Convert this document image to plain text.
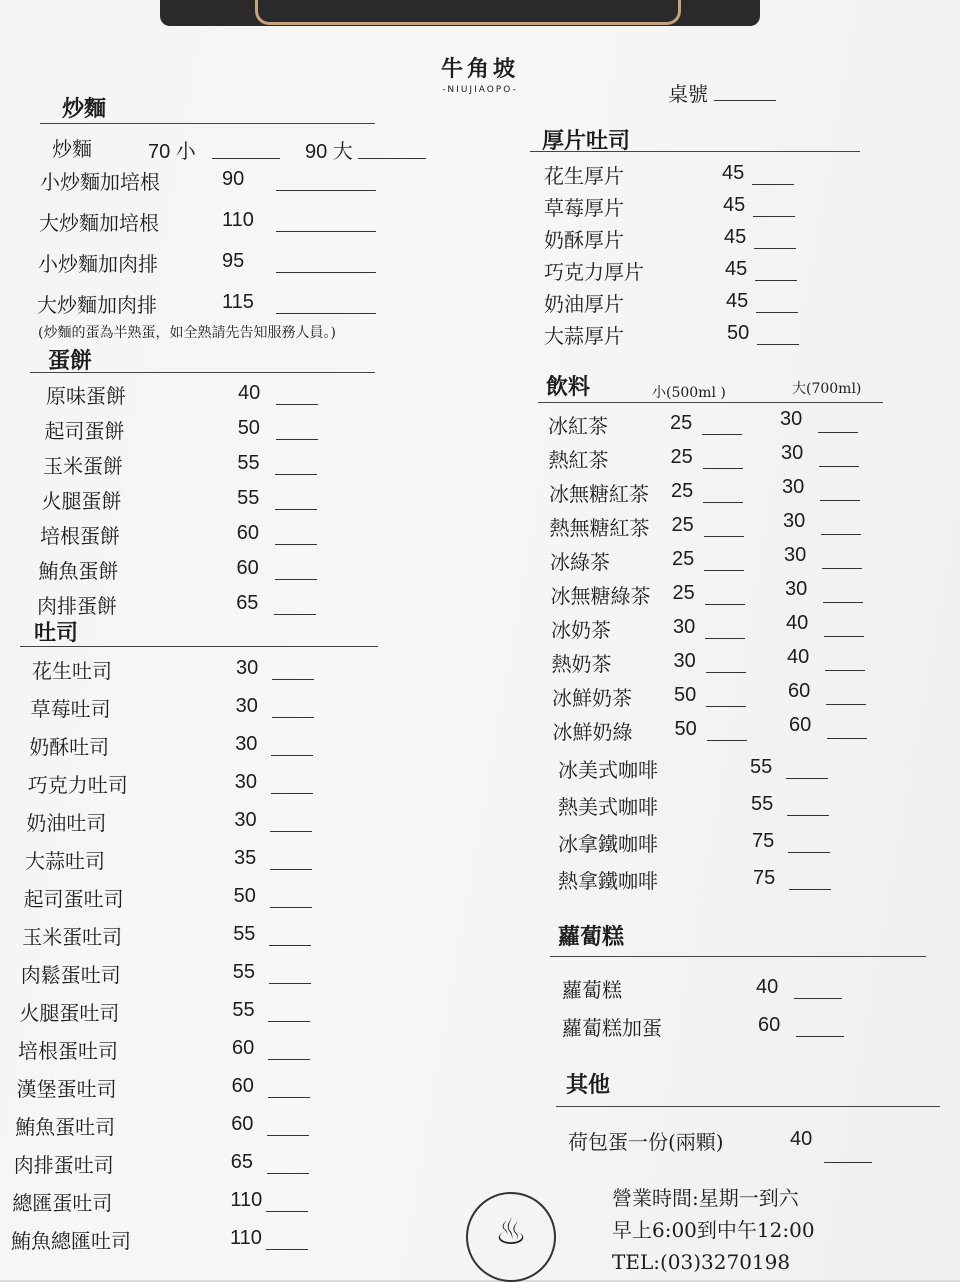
牛角坡
-NIUJIAOPO-	桌號
炒麵
炒麵	70 小	90 大
小炒麵加培根	90
大炒麵加培根	110
小炒麵加肉排	95
大炒麵加肉排	115
(炒麵的蛋為半熟蛋，如全熟請先告知服務人員。)
蛋餅
原味蛋餅	40
起司蛋餅	50
玉米蛋餅	55
火腿蛋餅	55
培根蛋餅	60
鮪魚蛋餅	60
肉排蛋餅	65
吐司
花生吐司	30
草莓吐司	30
奶酥吐司	30
巧克力吐司	30
奶油吐司	30
大蒜吐司	35
起司蛋吐司	50
玉米蛋吐司	55
肉鬆蛋吐司	55
火腿蛋吐司	55
培根蛋吐司	60
漢堡蛋吐司	60
鮪魚蛋吐司	60
肉排蛋吐司	65
總匯蛋吐司	110
鮪魚總匯吐司	110
厚片吐司
花生厚片	45
草莓厚片	45
奶酥厚片	45
巧克力厚片	45
奶油厚片	45
大蒜厚片	50
飲料	小(500ml )	大(700ml)
冰紅茶	25	30
熱紅茶	25	30
冰無糖紅茶 25	30
熱無糖紅茶 25	30
冰綠茶	25	30
冰無糖綠茶 25	30
冰奶茶	30	40
熱奶茶	30	40
冰鮮奶茶 50	60
冰鮮奶綠 50	60
冰美式咖啡	55
熱美式咖啡	55
冰拿鐵咖啡	75
熱拿鐵咖啡	75
蘿蔔糕
蘿蔔糕	40
蘿蔔糕加蛋	60
其他
荷包蛋一份(兩顆)	40
♨
營業時間:星期一到六
早上6:00到中午12:00
TEL:(03)3270198
